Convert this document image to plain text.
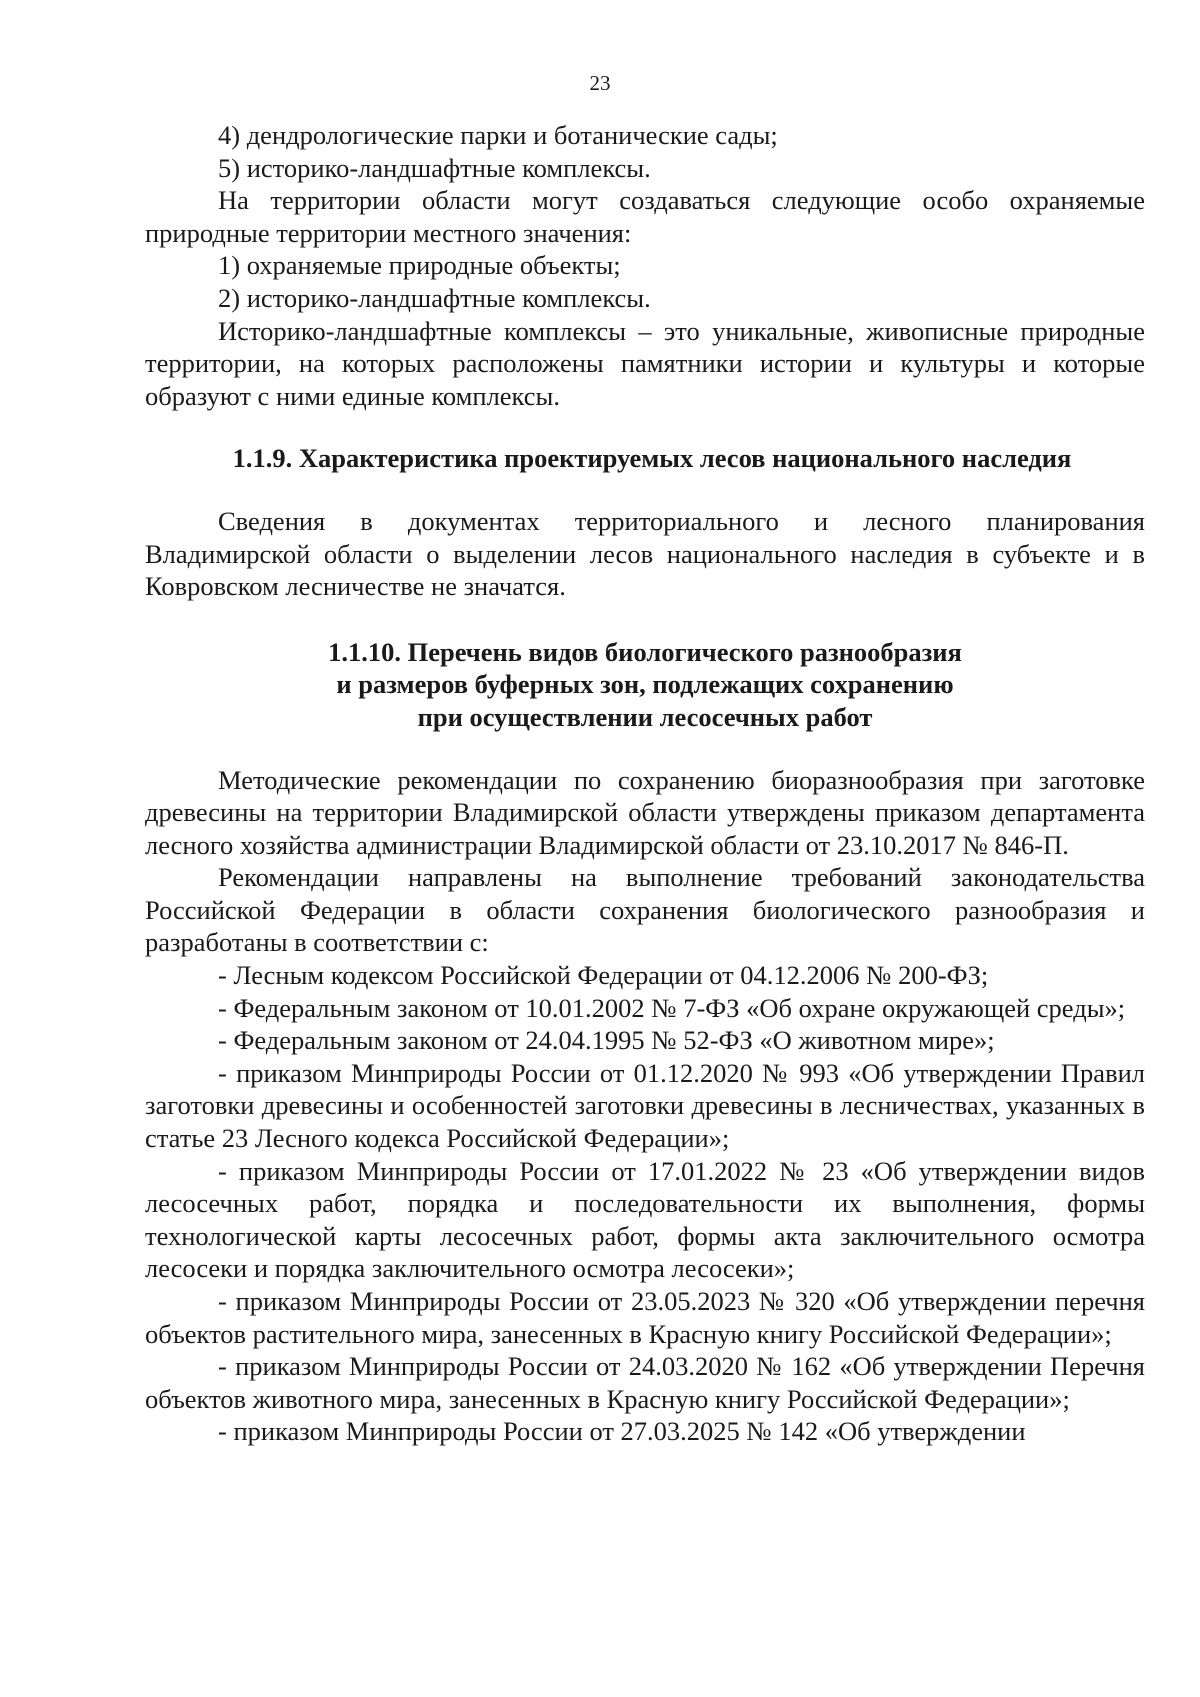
23

4) дендрологические парки и ботанические сады;

5) историко-ландшафтные комплексы.

На территории области могут создаваться следующие особо охраняемые природные территории местного значения:

1) охраняемые природные объекты;

2) историко-ландшафтные комплексы.

Историко-ландшафтные комплексы – это уникальные, живописные природные территории, на которых расположены памятники истории и культуры и которые образуют с ними единые комплексы.

1.1.9. Характеристика проектируемых лесов национального наследия

Сведения в документах территориального и лесного планирования Владимирской области о выделении лесов национального наследия в субъекте и в Ковровском лесничестве не значатся.

1.1.10. Перечень видов биологического разнообразия
и размеров буферных зон, подлежащих сохранению
при осуществлении лесосечных работ

Методические рекомендации по сохранению биоразнообразия при заготовке древесины на территории Владимирской области утверждены приказом департамента лесного хозяйства администрации Владимирской области от 23.10.2017 № 846-П.

Рекомендации направлены на выполнение требований законодательства Российской Федерации в области сохранения биологического разнообразия и разработаны в соответствии с:

- Лесным кодексом Российской Федерации от 04.12.2006 № 200-ФЗ;

- Федеральным законом от 10.01.2002 № 7-ФЗ «Об охране окружающей среды»;

- Федеральным законом от 24.04.1995 № 52-ФЗ «О животном мире»;

- приказом Минприроды России от 01.12.2020 № 993 «Об утверждении Правил заготовки древесины и особенностей заготовки древесины в лесничествах, указанных в статье 23 Лесного кодекса Российской Федерации»;

- приказом Минприроды России от 17.01.2022 № 23 «Об утверждении видов лесосечных работ, порядка и последовательности их выполнения, формы технологической карты лесосечных работ, формы акта заключительного осмотра лесосеки и порядка заключительного осмотра лесосеки»;

- приказом Минприроды России от 23.05.2023 № 320 «Об утверждении перечня объектов растительного мира, занесенных в Красную книгу Российской Федерации»;

- приказом Минприроды России от 24.03.2020 № 162 «Об утверждении Перечня объектов животного мира, занесенных в Красную книгу Российской Федерации»;

- приказом Минприроды России от 27.03.2025 № 142 «Об утверждении
